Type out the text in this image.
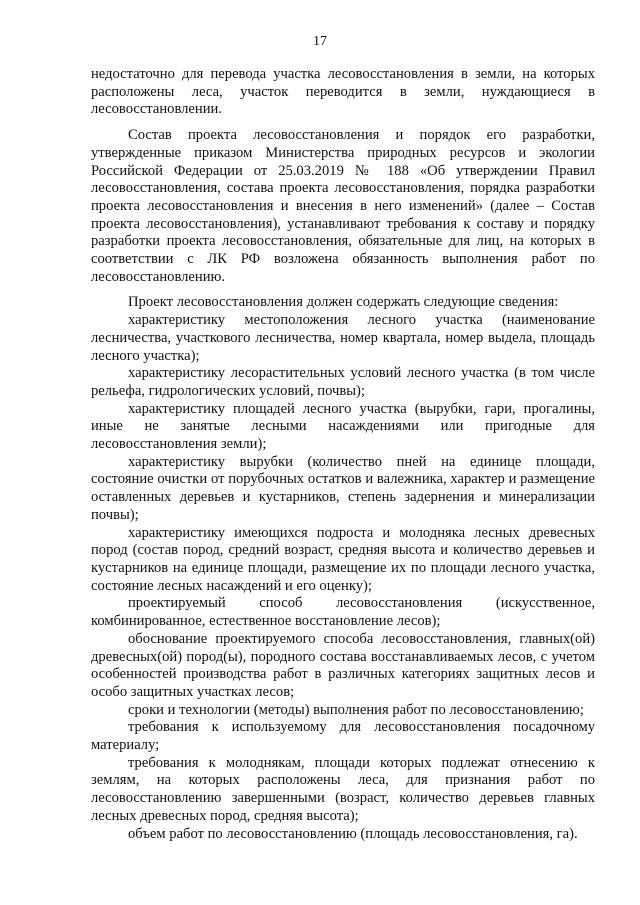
17

недостаточно для перевода участка лесовосстановления в земли, на которых расположены леса, участок переводится в земли, нуждающиеся в лесовосстановлении.

Состав проекта лесовосстановления и порядок его разработки, утвержденные приказом Министерства природных ресурсов и экологии Российской Федерации от 25.03.2019 № 188 «Об утверждении Правил лесовосстановления, состава проекта лесовосстановления, порядка разработки проекта лесовосстановления и внесения в него изменений» (далее – Состав проекта лесовосстановления), устанавливают требования к составу и порядку разработки проекта лесовосстановления, обязательные для лиц, на которых в соответствии с ЛК РФ возложена обязанность выполнения работ по лесовосстановлению.

Проект лесовосстановления должен содержать следующие сведения:

характеристику местоположения лесного участка (наименование лесничества, участкового лесничества, номер квартала, номер выдела, площадь лесного участка);

характеристику лесорастительных условий лесного участка (в том числе рельефа, гидрологических условий, почвы);

характеристику площадей лесного участка (вырубки, гари, прогалины, иные не занятые лесными насаждениями или пригодные для лесовосстановления земли);

характеристику вырубки (количество пней на единице площади, состояние очистки от порубочных остатков и валежника, характер и размещение оставленных деревьев и кустарников, степень задернения и минерализации почвы);

характеристику имеющихся подроста и молодняка лесных древесных пород (состав пород, средний возраст, средняя высота и количество деревьев и кустарников на единице площади, размещение их по площади лесного участка, состояние лесных насаждений и его оценку);

проектируемый способ лесовосстановления (искусственное, комбинированное, естественное восстановление лесов);

обоснование проектируемого способа лесовосстановления, главных(ой) древесных(ой) пород(ы), породного состава восстанавливаемых лесов, с учетом особенностей производства работ в различных категориях защитных лесов и особо защитных участках лесов;

сроки и технологии (методы) выполнения работ по лесовосстановлению;

требования к используемому для лесовосстановления посадочному материалу;

требования к молоднякам, площади которых подлежат отнесению к землям, на которых расположены леса, для признания работ по лесовосстановлению завершенными (возраст, количество деревьев главных лесных древесных пород, средняя высота);

объем работ по лесовосстановлению (площадь лесовосстановления, га).
